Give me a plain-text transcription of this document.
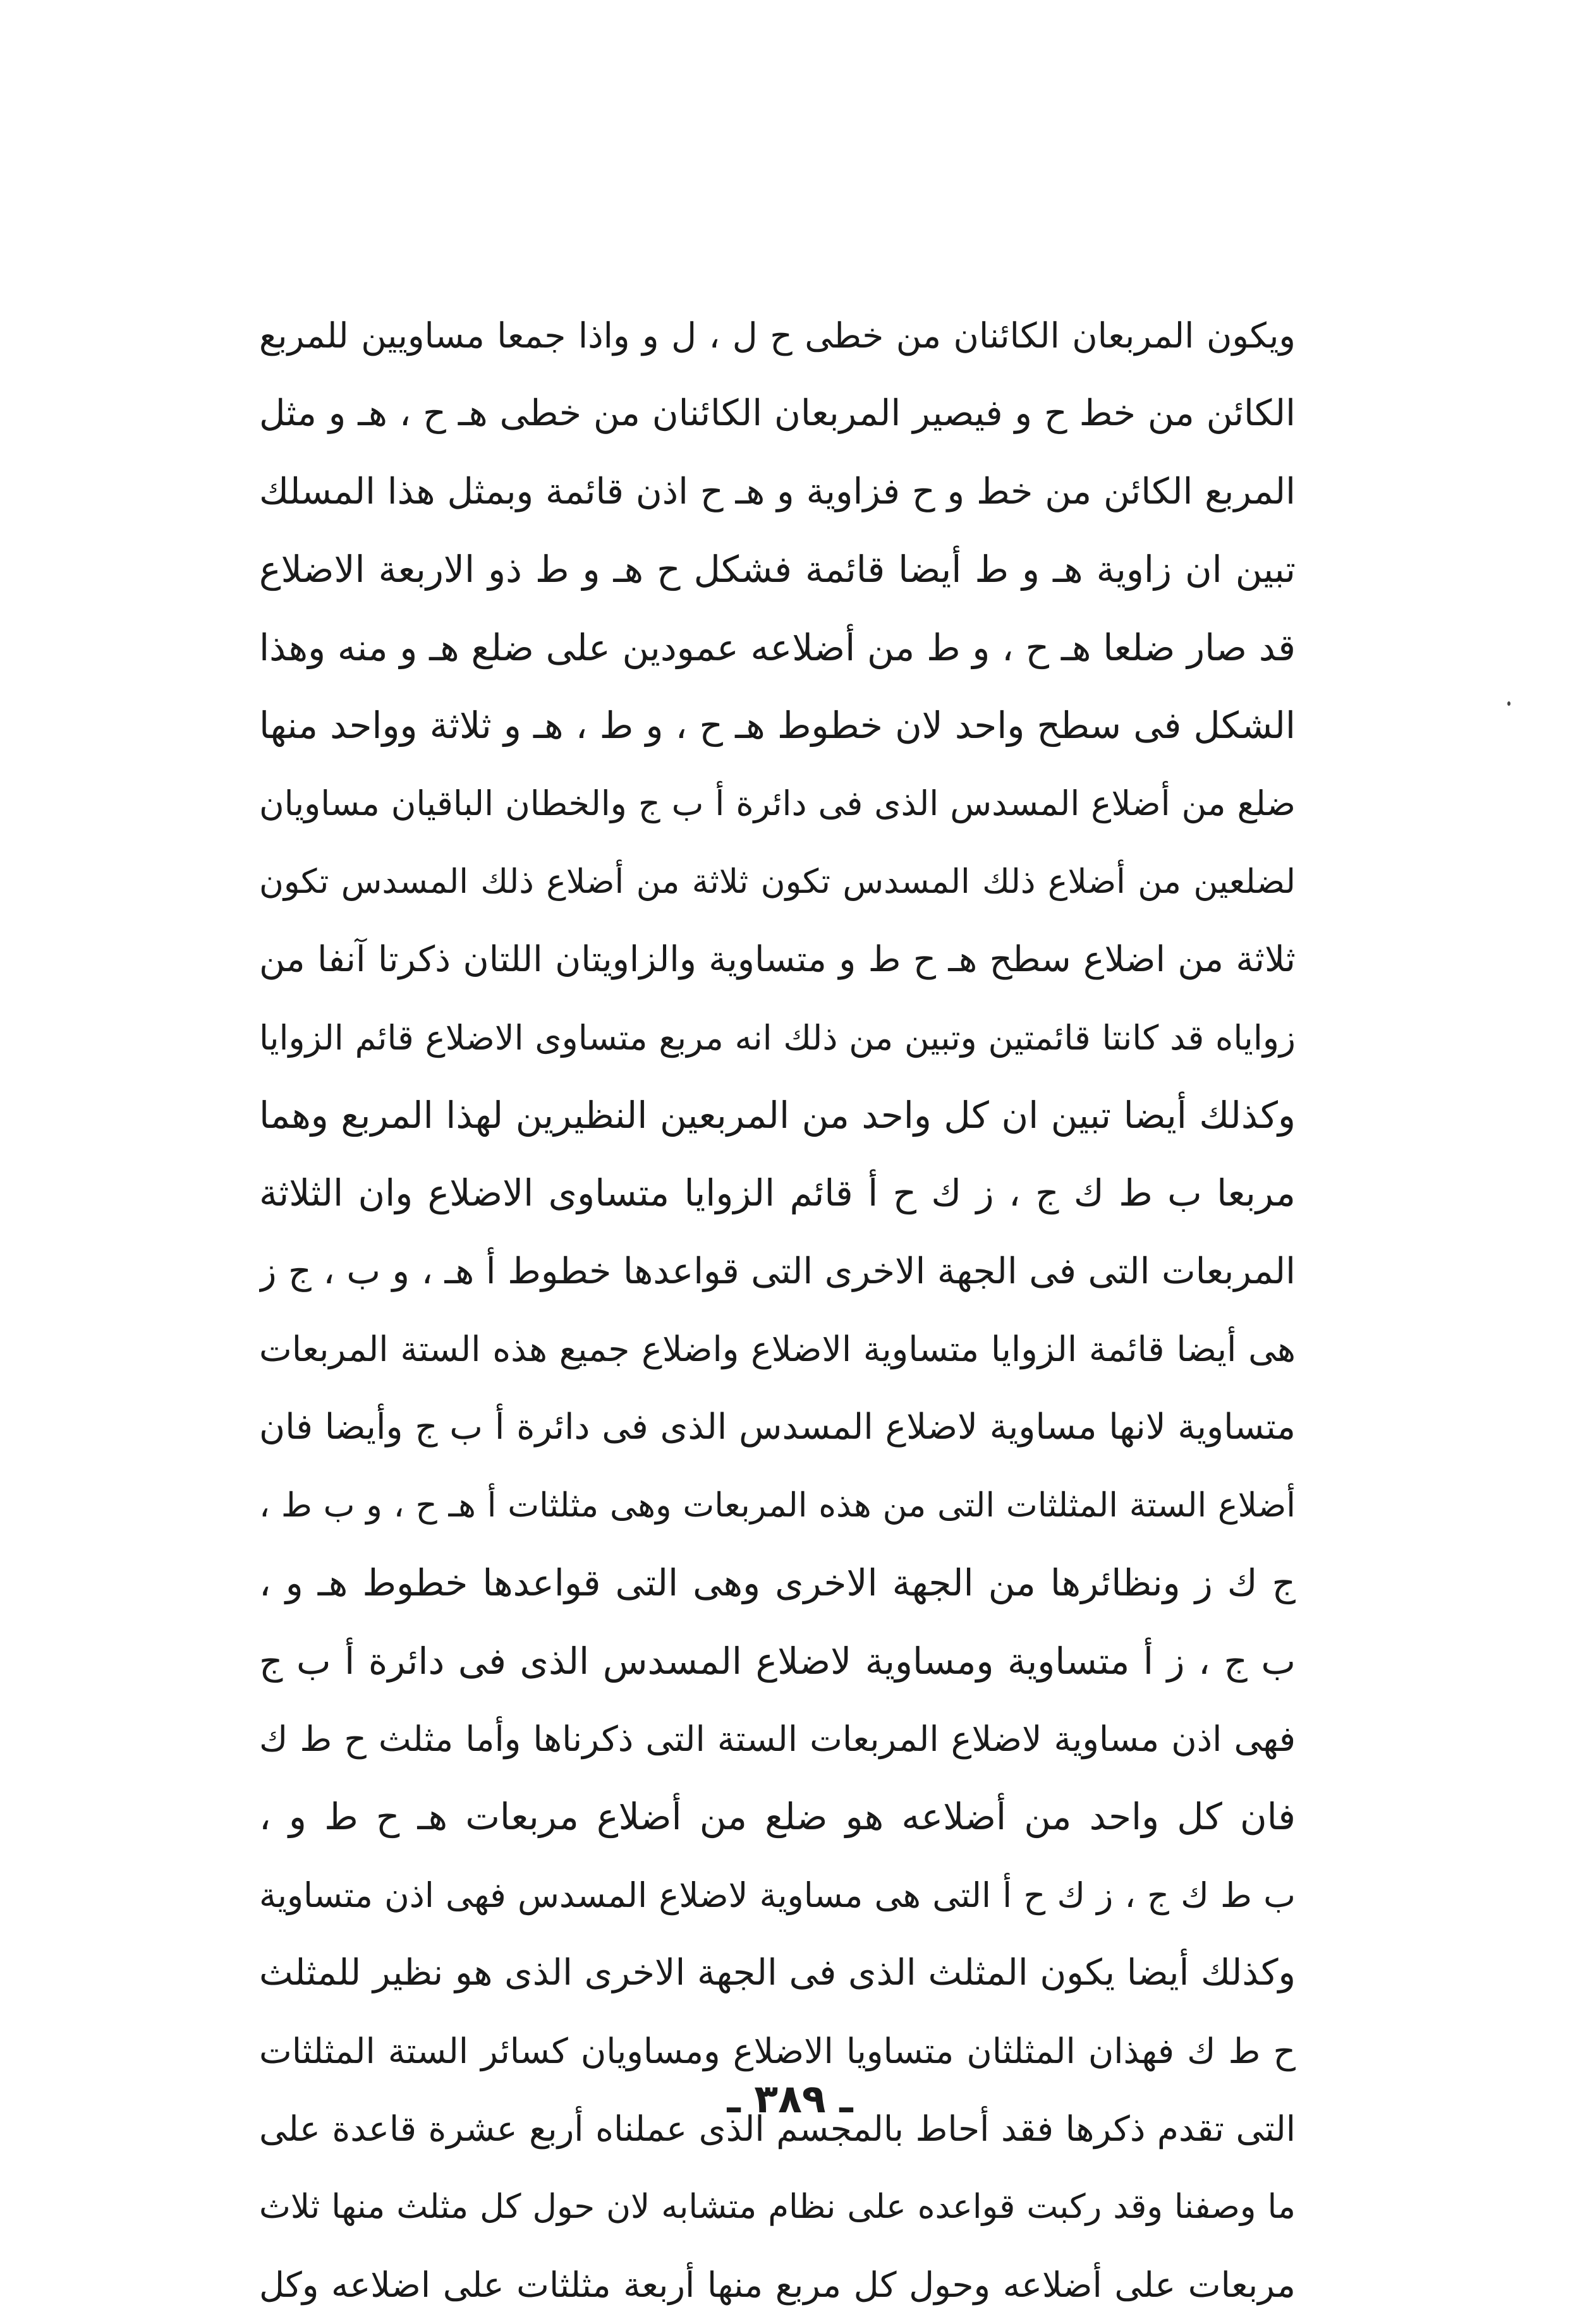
ويكون المربعان الكائنان من خطى ح ل ، ل و واذا جمعا مساويين للمربع
الكائن من خط ح و فيصير المربعان الكائنان من خطى هـ ح ، هـ و مثل
المربع الكائن من خط و ح فزاوية و هـ ح اذن قائمة وبمثل هذا المسلك
تبين ان زاوية هـ و ط أيضا قائمة فشكل ح هـ و ط ذو الاربعة الاضلاع
قد صار ضلعا هـ ح ، و ط من أضلاعه عمودين على ضلع هـ و منه وهذا
الشكل فى سطح واحد لان خطوط هـ ح ، و ط ، هـ و ثلاثة وواحد منها
ضلع من أضلاع المسدس الذى فى دائرة أ ب ج والخطان الباقيان مساويان
لضلعين من أضلاع ذلك المسدس تكون ثلاثة من أضلاع ذلك المسدس تكون
ثلاثة من اضلاع سطح هـ ح ط و متساوية والزاويتان اللتان ذكرتا آنفا من
زواياه قد كانتا قائمتين وتبين من ذلك انه مربع متساوى الاضلاع قائم الزوايا
وكذلك أيضا تبين ان كل واحد من المربعين النظيرين لهذا المربع وهما
مربعا ب ط ك ج ، ز ك ح أ قائم الزوايا متساوى الاضلاع وان الثلاثة
المربعات التى فى الجهة الاخرى التى قواعدها خطوط أ هـ ، و ب ، ج ز
هى أيضا قائمة الزوايا متساوية الاضلاع واضلاع جميع هذه الستة المربعات
متساوية لانها مساوية لاضلاع المسدس الذى فى دائرة أ ب ج وأيضا فان
أضلاع الستة المثلثات التى من هذه المربعات وهى مثلثات أ هـ ح ، و ب ط ،
ج ك ز ونظائرها من الجهة الاخرى وهى التى قواعدها خطوط هـ و ،
ب ج ، ز أ متساوية ومساوية لاضلاع المسدس الذى فى دائرة أ ب ج
فهى اذن مساوية لاضلاع المربعات الستة التى ذكرناها وأما مثلث ح ط ك
فان كل واحد من أضلاعه هو ضلع من أضلاع مربعات هـ ح ط و ،
ب ط ك ج ، ز ك ح أ التى هى مساوية لاضلاع المسدس فهى اذن متساوية
وكذلك أيضا يكون المثلث الذى فى الجهة الاخرى الذى هو نظير للمثلث
ح ط ك فهذان المثلثان متساويا الاضلاع ومساويان كسائر الستة المثلثات
التى تقدم ذكرها فقد أحاط بالمجسم الذى عملناه أربع عشرة قاعدة على
ما وصفنا وقد ركبت قواعده على نظام متشابه لان حول كل مثلث منها ثلاث
مربعات على أضلاعه وحول كل مربع منها أربعة مثلثات على اضلاعه وكل
ـ ٣٨٩ ـ
